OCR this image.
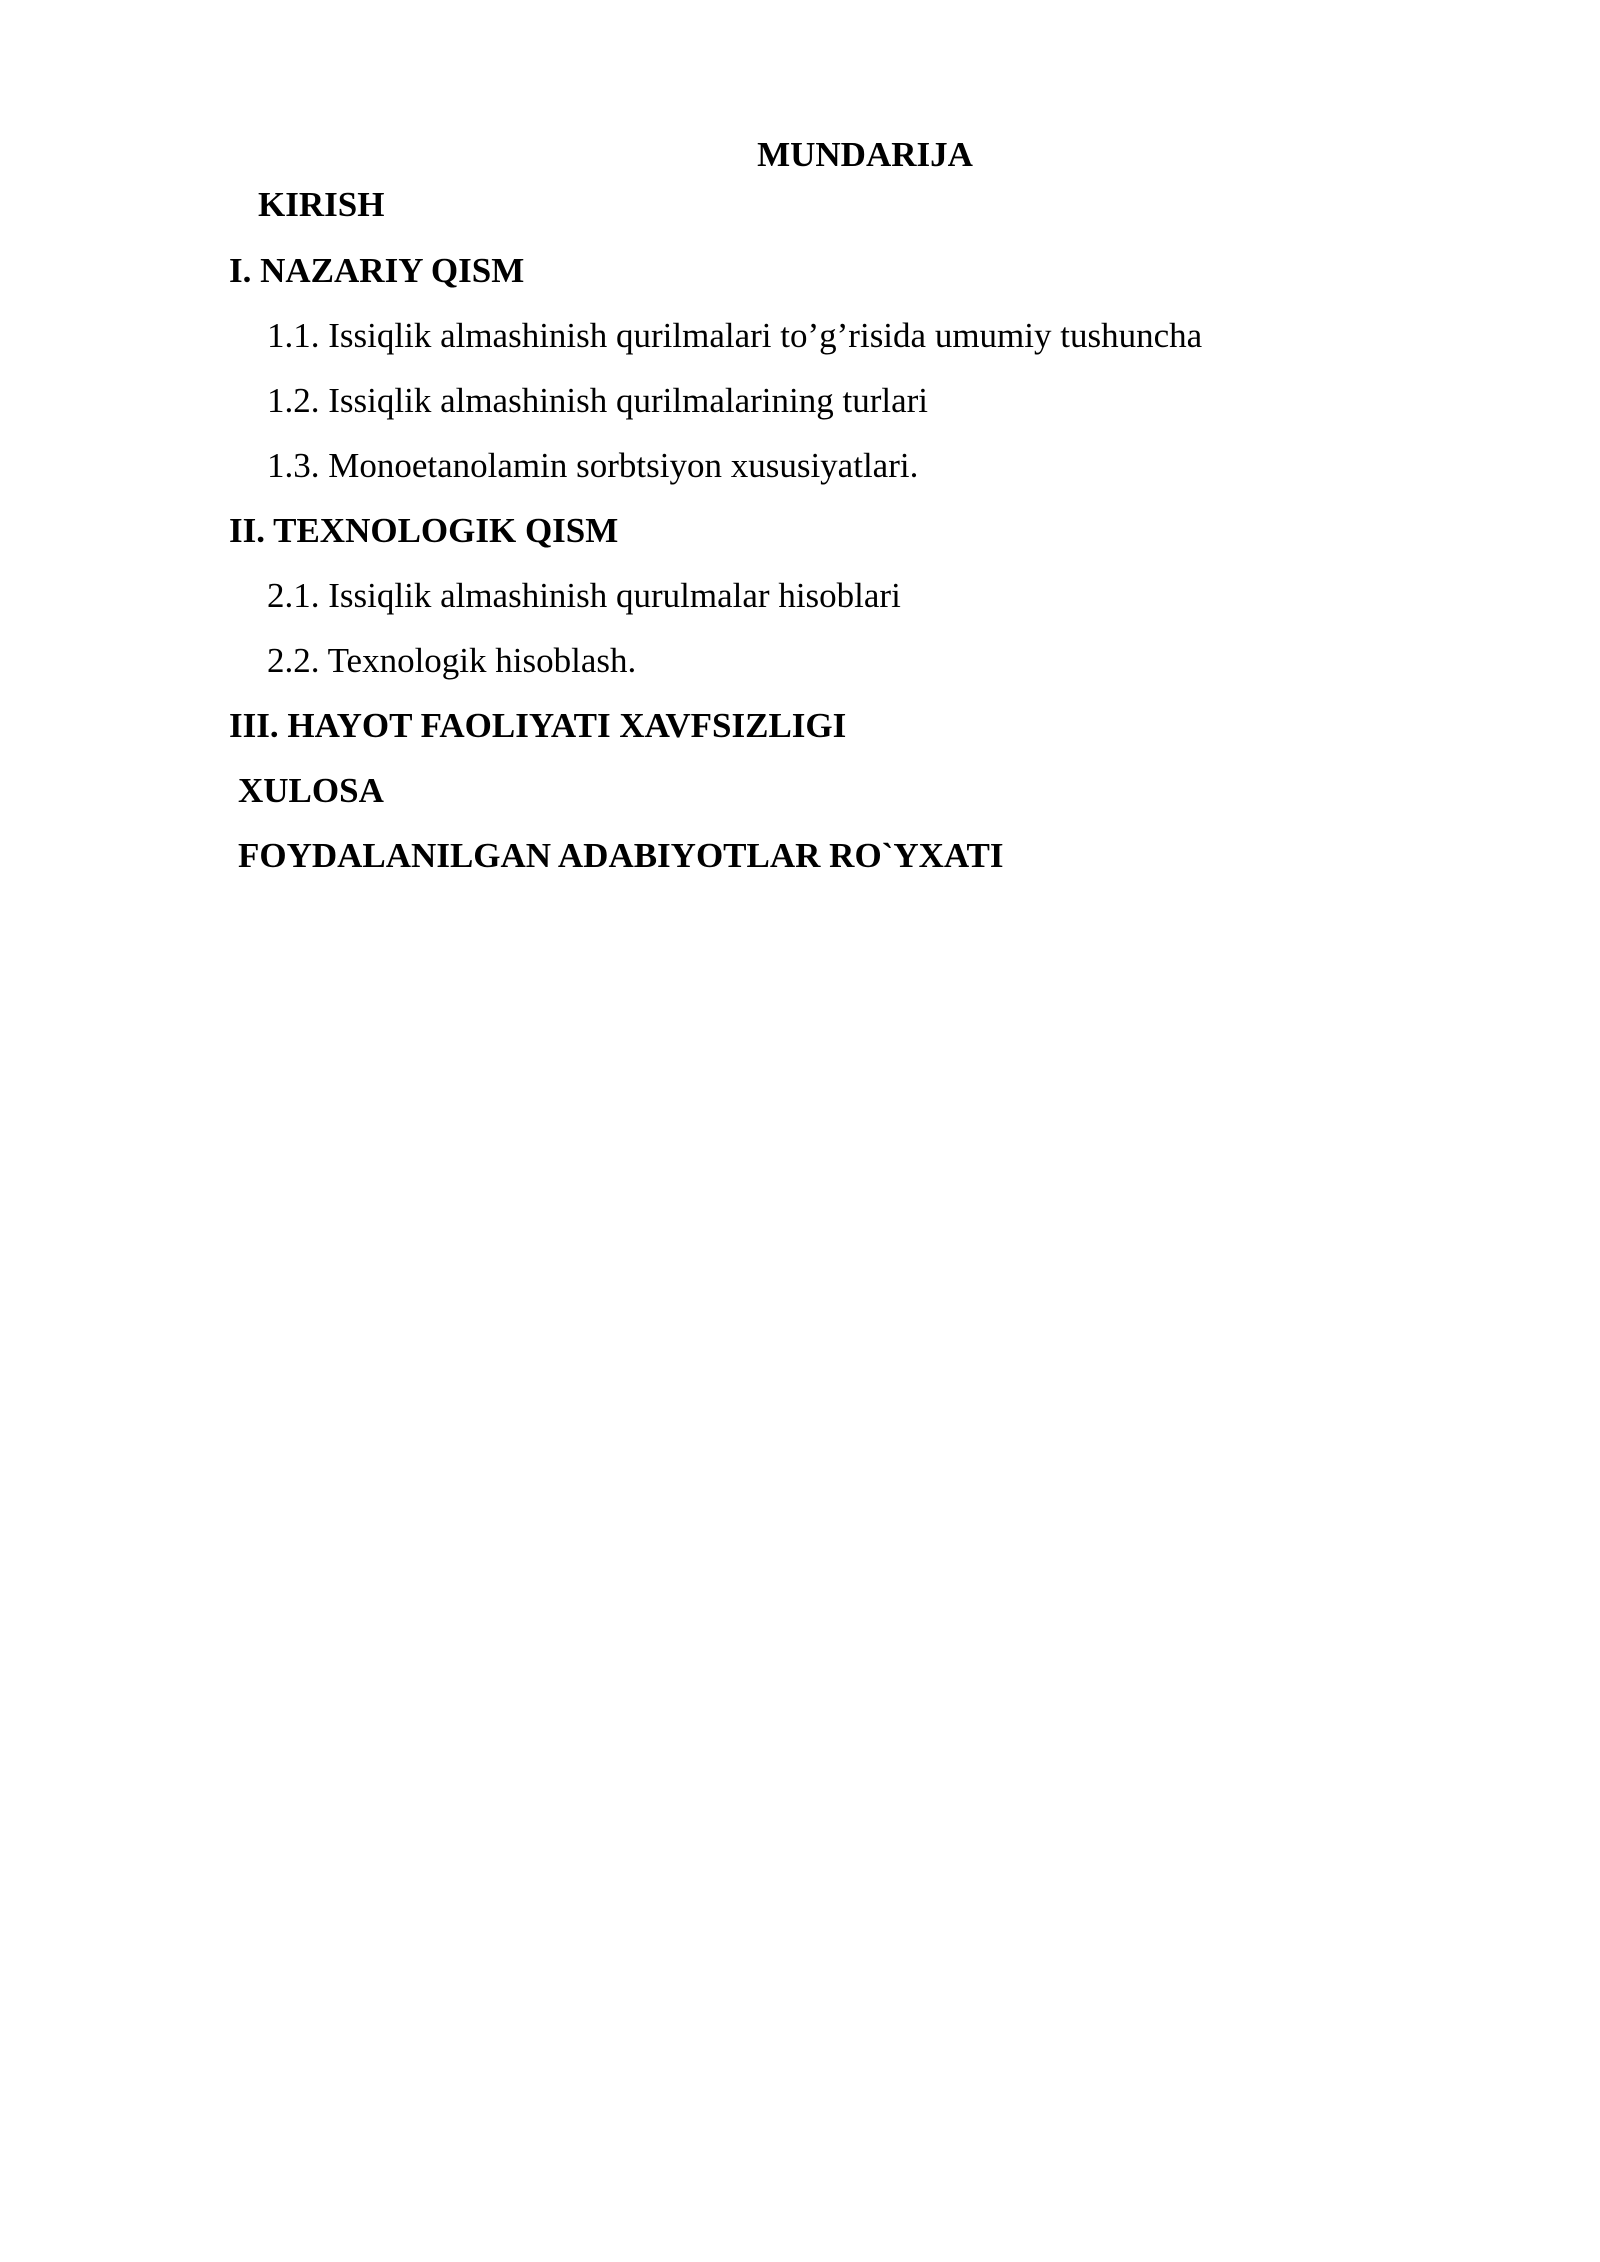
MUNDARIJA
KIRISH
I. NAZARIY QISM
1.1. Issiqlik almashinish qurilmalari to’g’risida umumiy tushuncha
1.2. Issiqlik almashinish qurilmalarining turlari
1.3. Monoetanolamin sorbtsiyon xususiyatlari.
II. TEXNOLOGIK QISM
2.1. Issiqlik almashinish qurulmalar hisoblari
2.2. Texnologik hisoblash.
III. HAYOT FAOLIYATI XAVFSIZLIGI
XULOSA
FOYDALANILGAN ADABIYOTLAR RO`YXATI
